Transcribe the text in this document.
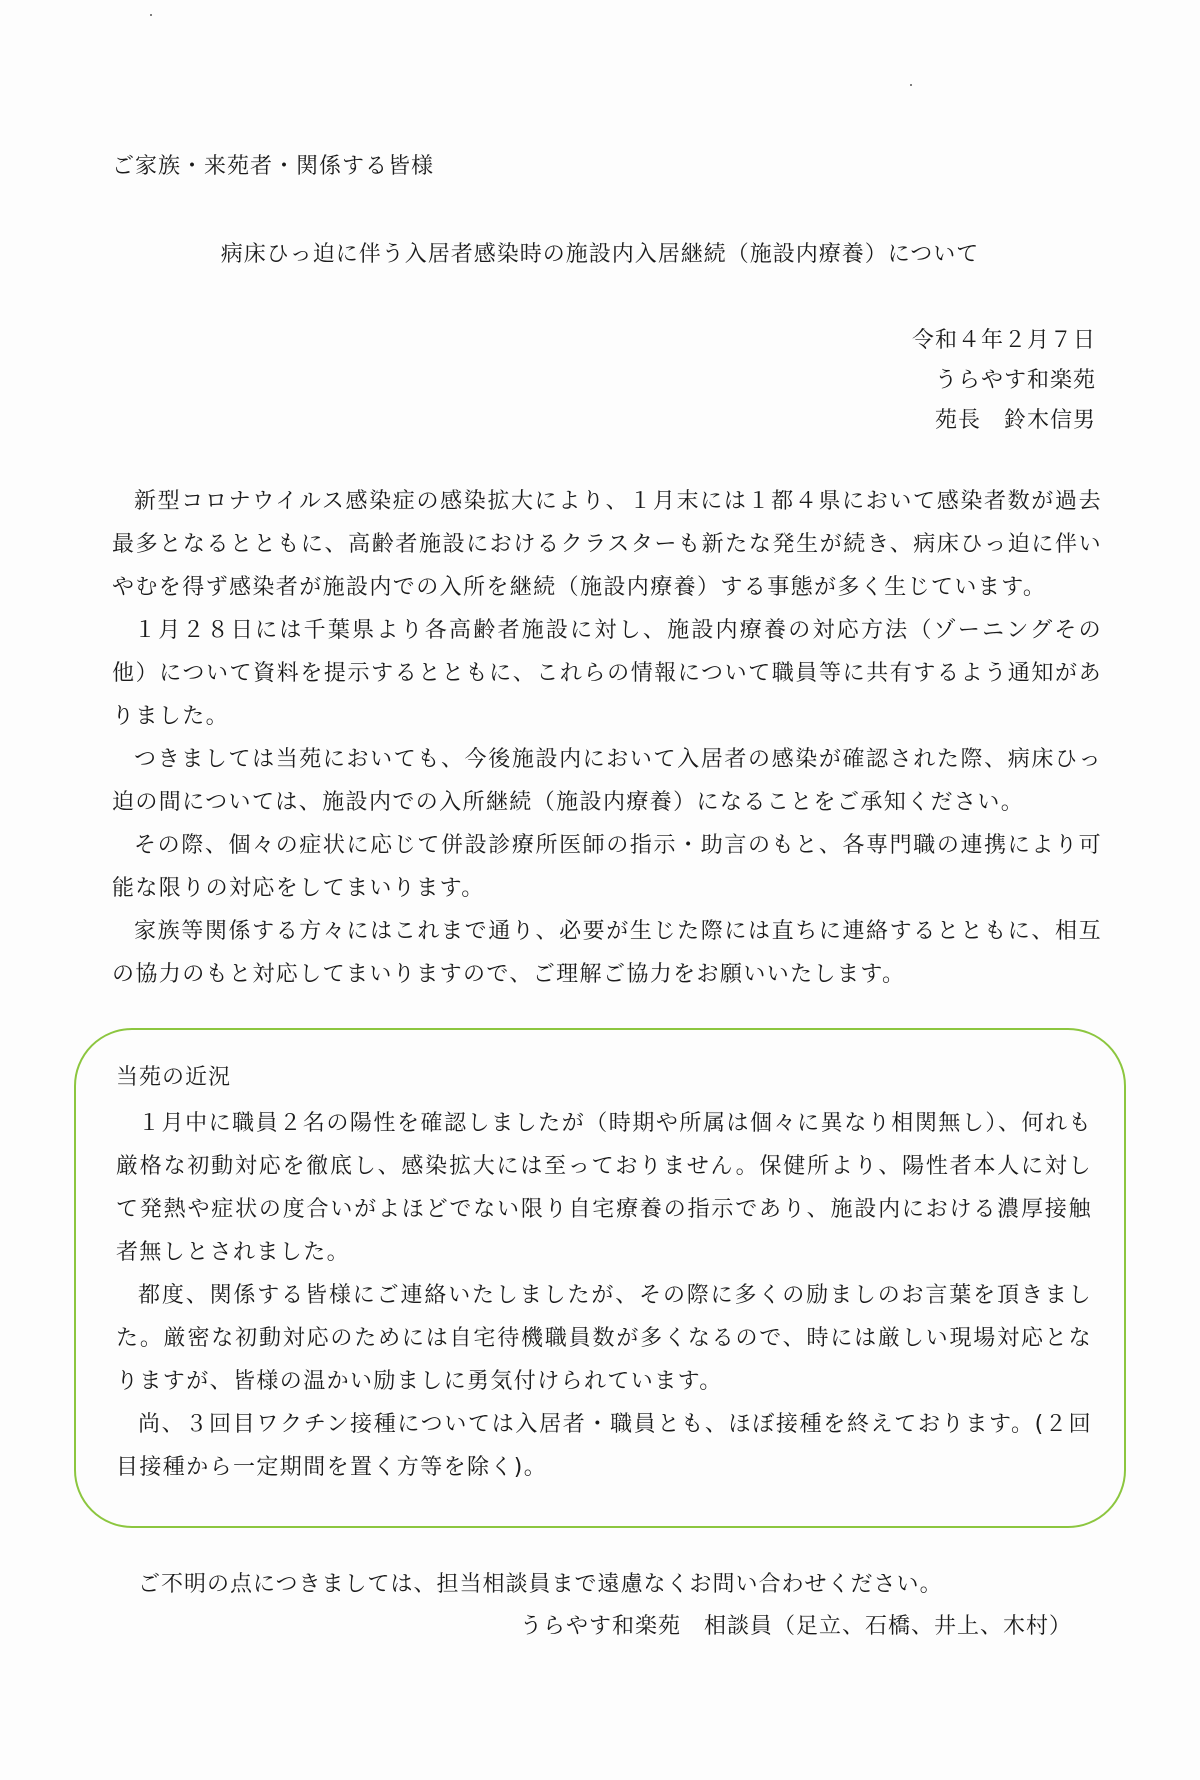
ご家族・来苑者・関係する皆様
病床ひっ迫に伴う入居者感染時の施設内入居継続（施設内療養）について
令和４年２月７日
うらやす和楽苑
苑長　鈴木信男

新型コロナウイルス感染症の感染拡大により、１月末には１都４県において感染者数が過去最多となるとともに、高齢者施設におけるクラスターも新たな発生が続き、病床ひっ迫に伴いやむを得ず感染者が施設内での入所を継続（施設内療養）する事態が多く生じています。

１月２８日には千葉県より各高齢者施設に対し、施設内療養の対応方法（ゾーニングその他）について資料を提示するとともに、これらの情報について職員等に共有するよう通知がありました。

つきましては当苑においても、今後施設内において入居者の感染が確認された際、病床ひっ迫の間については、施設内での入所継続（施設内療養）になることをご承知ください。

その際、個々の症状に応じて併設診療所医師の指示・助言のもと、各専門職の連携により可能な限りの対応をしてまいります。

家族等関係する方々にはこれまで通り、必要が生じた際には直ちに連絡するとともに、相互の協力のもと対応してまいりますので、ご理解ご協力をお願いいたします。

当苑の近況

１月中に職員２名の陽性を確認しましたが（時期や所属は個々に異なり相関無し）、何れも厳格な初動対応を徹底し、感染拡大には至っておりません。保健所より、陽性者本人に対して発熱や症状の度合いがよほどでない限り自宅療養の指示であり、施設内における濃厚接触者無しとされました。

都度、関係する皆様にご連絡いたしましたが、その際に多くの励ましのお言葉を頂きました。厳密な初動対応のためには自宅待機職員数が多くなるので、時には厳しい現場対応となりますが、皆様の温かい励ましに勇気付けられています。

尚、３回目ワクチン接種については入居者・職員とも、ほぼ接種を終えております。(２回目接種から一定期間を置く方等を除く)。

ご不明の点につきましては、担当相談員まで遠慮なくお問い合わせください。
うらやす和楽苑　相談員（足立、石橋、井上、木村）
